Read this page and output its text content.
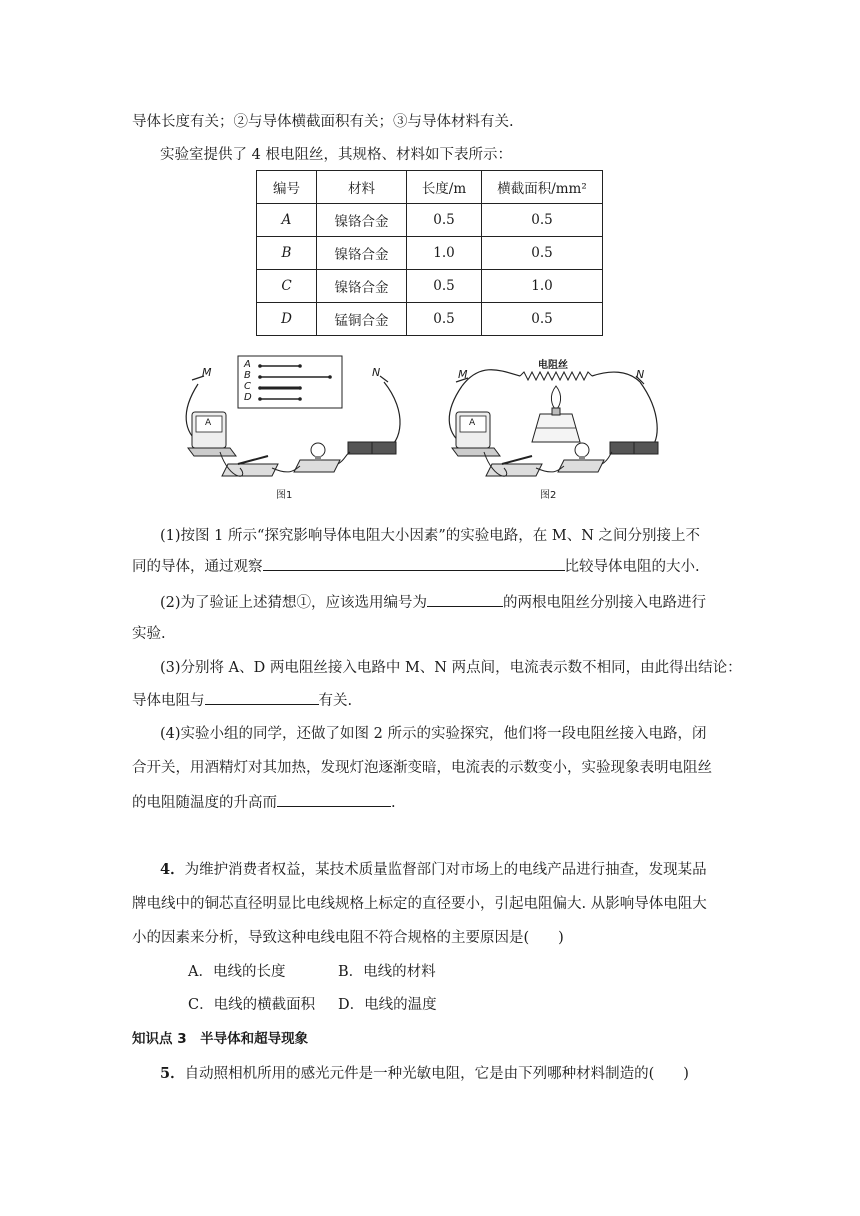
导体长度有关；②与导体横截面积有关；③与导体材料有关.
实验室提供了 4 根电阻丝，其规格、材料如下表所示：
编号	材料	长度/m	横截面积/mm²
A	镍铬合金	0.5	0.5
B	镍铬合金	1.0	0.5
C	镍铬合金	0.5	1.0
D	锰铜合金	0.5	0.5
M	N
A
B
C
D
A
图1
电阻丝
M	N
A
图2
(1)按图 1 所示“探究影响导体电阻大小因素”的实验电路，在 M、N 之间分别接上不
同的导体，通过观察	比较导体电阻的大小.
(2)为了验证上述猜想①，应该选用编号为	的两根电阻丝分别接入电路进行
实验.
(3)分别将 A、D 两电阻丝接入电路中 M、N 两点间，电流表示数不相同，由此得出结论：
导体电阻与	有关.
(4)实验小组的同学，还做了如图 2 所示的实验探究，他们将一段电阻丝接入电路，闭
合开关，用酒精灯对其加热，发现灯泡逐渐变暗，电流表的示数变小，实验现象表明电阻丝
的电阻随温度的升高而	.
4．为维护消费者权益，某技术质量监督部门对市场上的电线产品进行抽查，发现某品
牌电线中的铜芯直径明显比电线规格上标定的直径要小，引起电阻偏大. 从影响导体电阻大
小的因素来分析，导致这种电线电阻不符合规格的主要原因是(　　)
A．电线的长度	B．电线的材料
C．电线的横截面积 D．电线的温度
知识点 3　半导体和超导现象
5．自动照相机所用的感光元件是一种光敏电阻，它是由下列哪种材料制造的(　　)
